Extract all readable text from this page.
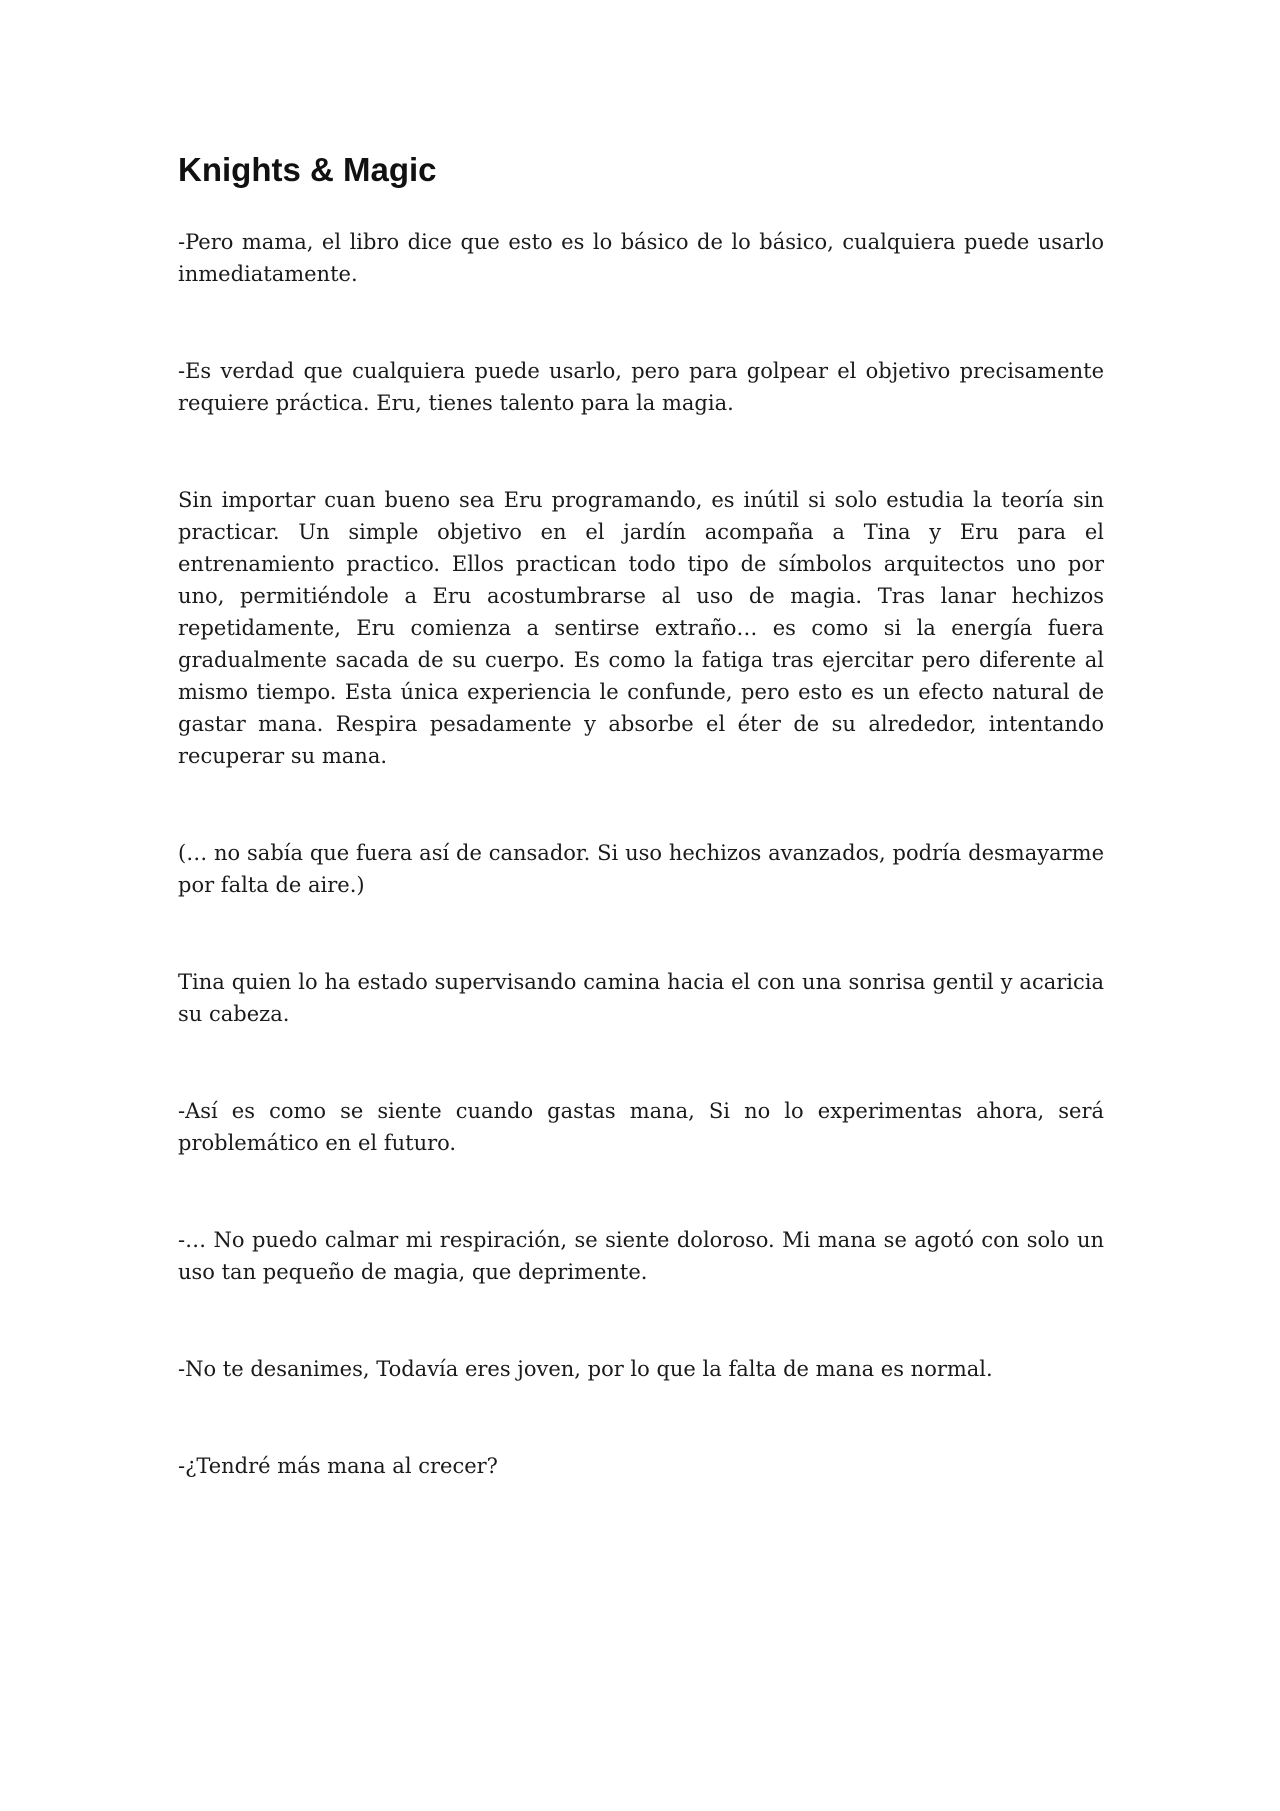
Knights & Magic

-Pero mama, el libro dice que esto es lo básico de lo básico, cualquiera puede usarlo inmediatamente.

-Es verdad que cualquiera puede usarlo, pero para golpear el objetivo precisamente requiere práctica. Eru, tienes talento para la magia.

Sin importar cuan bueno sea Eru programando, es inútil si solo estudia la teoría sin practicar. Un simple objetivo en el jardín acompaña a Tina y Eru para el entrenamiento practico. Ellos practican todo tipo de símbolos arquitectos uno por uno, permitiéndole a Eru acostumbrarse al uso de magia. Tras lanar hechizos repetidamente, Eru comienza a sentirse extraño… es como si la energía fuera gradualmente sacada de su cuerpo. Es como la fatiga tras ejercitar pero diferente al mismo tiempo. Esta única experiencia le confunde, pero esto es un efecto natural de gastar mana. Respira pesadamente y absorbe el éter de su alrededor, intentando recuperar su mana.

(… no sabía que fuera así de cansador. Si uso hechizos avanzados, podría desmayarme por falta de aire.)

Tina quien lo ha estado supervisando camina hacia el con una sonrisa gentil y acaricia su cabeza.

-Así es como se siente cuando gastas mana, Si no lo experimentas ahora, será problemático en el futuro.

-… No puedo calmar mi respiración, se siente doloroso. Mi mana se agotó con solo un uso tan pequeño de magia, que deprimente.

-No te desanimes, Todavía eres joven, por lo que la falta de mana es normal.

-¿Tendré más mana al crecer?
